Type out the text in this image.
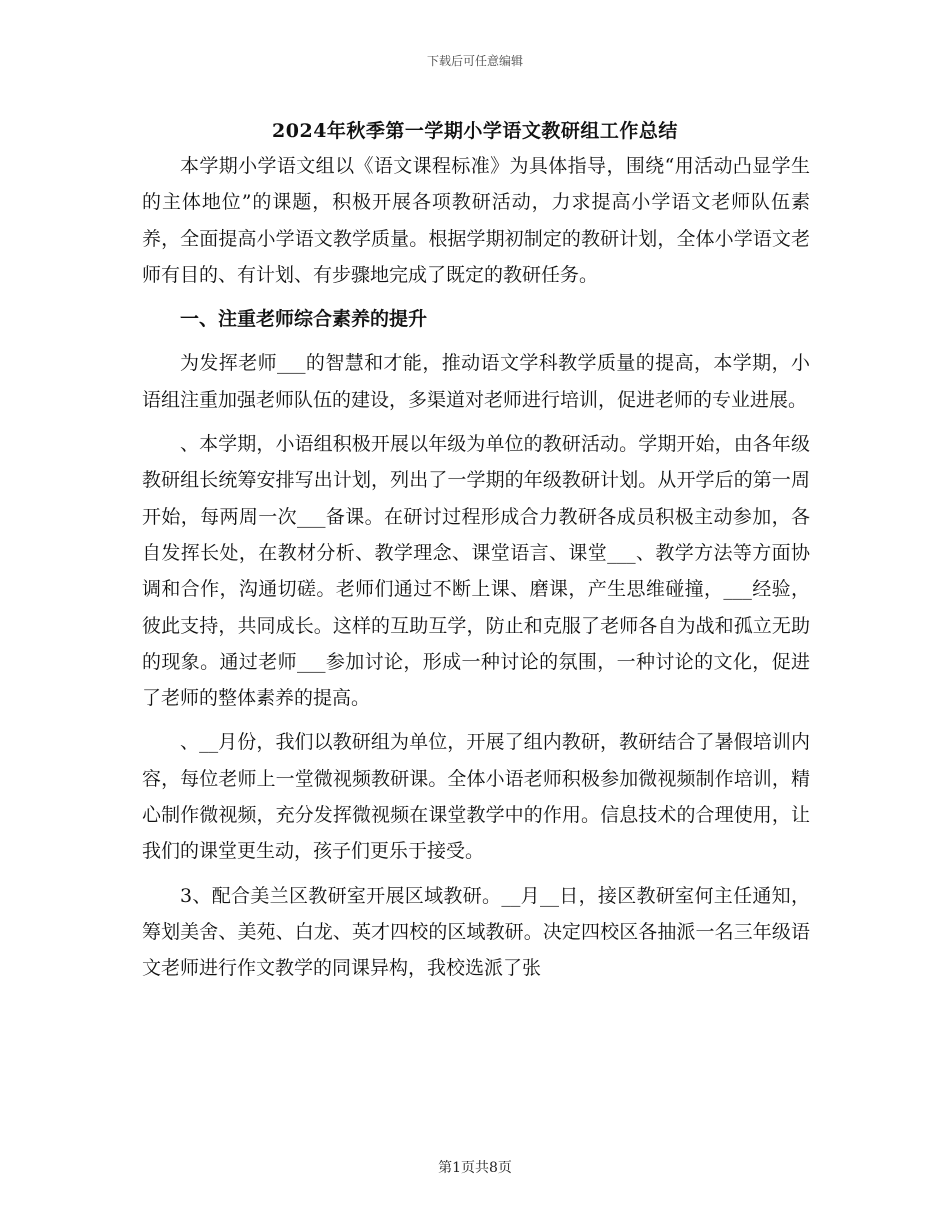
下载后可任意编辑
2024年秋季第一学期小学语文教研组工作总结

本学期小学语文组以《语文课程标准》为具体指导，围绕“用活动凸显学生的主体地位”的课题，积极开展各项教研活动，力求提高小学语文老师队伍素养，全面提高小学语文教学质量。根据学期初制定的教研计划，全体小学语文老师有目的、有计划、有步骤地完成了既定的教研任务。

一、注重老师综合素养的提升

为发挥老师___的智慧和才能，推动语文学科教学质量的提高，本学期，小语组注重加强老师队伍的建设，多渠道对老师进行培训，促进老师的专业进展。

、本学期，小语组积极开展以年级为单位的教研活动。学期开始，由各年级教研组长统筹安排写出计划，列出了一学期的年级教研计划。从开学后的第一周开始，每两周一次___备课。在研讨过程形成合力教研各成员积极主动参加，各自发挥长处，在教材分析、教学理念、课堂语言、课堂___、教学方法等方面协调和合作，沟通切磋。老师们通过不断上课、磨课，产生思维碰撞，___经验，彼此支持，共同成长。这样的互助互学，防止和克服了老师各自为战和孤立无助的现象。通过老师___参加讨论，形成一种讨论的氛围，一种讨论的文化，促进了老师的整体素养的提高。

、__月份，我们以教研组为单位，开展了组内教研，教研结合了暑假培训内容，每位老师上一堂微视频教研课。全体小语老师积极参加微视频制作培训，精心制作微视频，充分发挥微视频在课堂教学中的作用。信息技术的合理使用，让我们的课堂更生动，孩子们更乐于接受。

3、配合美兰区教研室开展区域教研。__月__日，接区教研室何主任通知，筹划美舍、美苑、白龙、英才四校的区域教研。决定四校区各抽派一名三年级语文老师进行作文教学的同课异构，我校选派了张

第1页共8页
